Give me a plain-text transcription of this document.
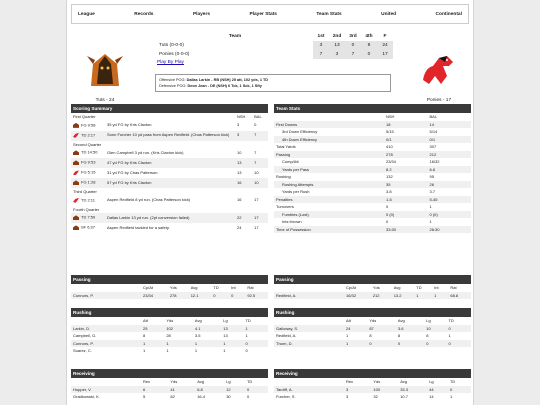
League	Records	Players	Player Stats	Team Stats	United	Continental
Tuts - 24	Ponies - 17
Team	1st	2nd	3rd	4th	F
Tuts (0-0-0)	3	13	0	8	24
Ponies (0-0-0)	7	3	7	0	17
Play By Play
Offensive POG: Dallas Larkin - RB (NSH) 25 att, 102 yds, 1 TD
Defensive POG: Deon Jean - DE (NSH) 6 Tck, 1 Sck, 1 Sfty
Scoring Summary
First Quarter		NSH	BAL
FG 9:58	35 yd FG by Kris Claxton	3	0
TD 2:17	Sonn Furcher 10 yd pass from Aspen Redfield. (Chas Patterson kick)	3	7
Second Quarter			
TD 14:50	Glen Campbell 3 yd run. (Kris Claxton kick)	10	7
FG 9:53	47 yd FG by Kris Claxton	13	7
FG 5:15	31 yd FG by Chas Patterson	13	10
FG 1:28	57 yd FG by Kris Claxton	16	10
Third Quarter			
TD 2:11	Aspen Redfield 8 yd run. (Chas Patterson kick)	16	17
Fourth Quarter			
TD 7:50	Dallas Larkin 13 yd run. (2pt conversion failed)	22	17
SF 6:37	Aspen Redfield tackled for a safety.	24	17
Team Stats
	NSH	BAL
First Downs	18	14
3rd Down Efficiency	5/15	5/14
4th Down Efficiency	0/1	0/1
Total Yards	410	307
Passing	278	212
Comp/Att	23/34	16/32
Yards per Pass	8.2	6.6
Rushing	132	95
Rushing Attempts	35	26
Yards per Rush	3.8	3.7
Penalties	1-5	5-45
Turnovers	0	1
Fumbles (Lost)	0 (0)	0 (0)
Ints thrown	0	1
Time of Possession	33:30	26:30
Passing
	Cp/At	Yds	Avg	TD	Int	Rat
Connors, P.	23/34	278	12.1	0	0	92.5
Passing
	Cp/At	Yds	Avg	TD	Int	Rat
Redfield, A.	16/32	212	13.2	1	1	68.8
Rushing
	Att	Yds	Avg	Lg	TD
Larkin, D.	25	102	4.1	13	1
Campbell, G.	8	28	3.5	13	1
Connors, P.	1	1	1	1	0
Suarez, C.	1	1	1	1	0
Rushing
	Att	Yds	Avg	Lg	TD
Galloway, S.	24	87	3.6	10	0
Redfield, A.	1	8	8	8	1
Thorn, D.	1	0	0	0	0
Receiving
	Rec	Yds	Avg	Lg	TD
Hopper, V.	6	41	6.8	12	0
Gradkowski, K.	5	82	16.4	30	0
Receiving
	Rec	Yds	Avg	Lg	TD
Tardiff, A.	3	100	33.3	44	0
Furcher, S.	3	32	10.7	14	1
